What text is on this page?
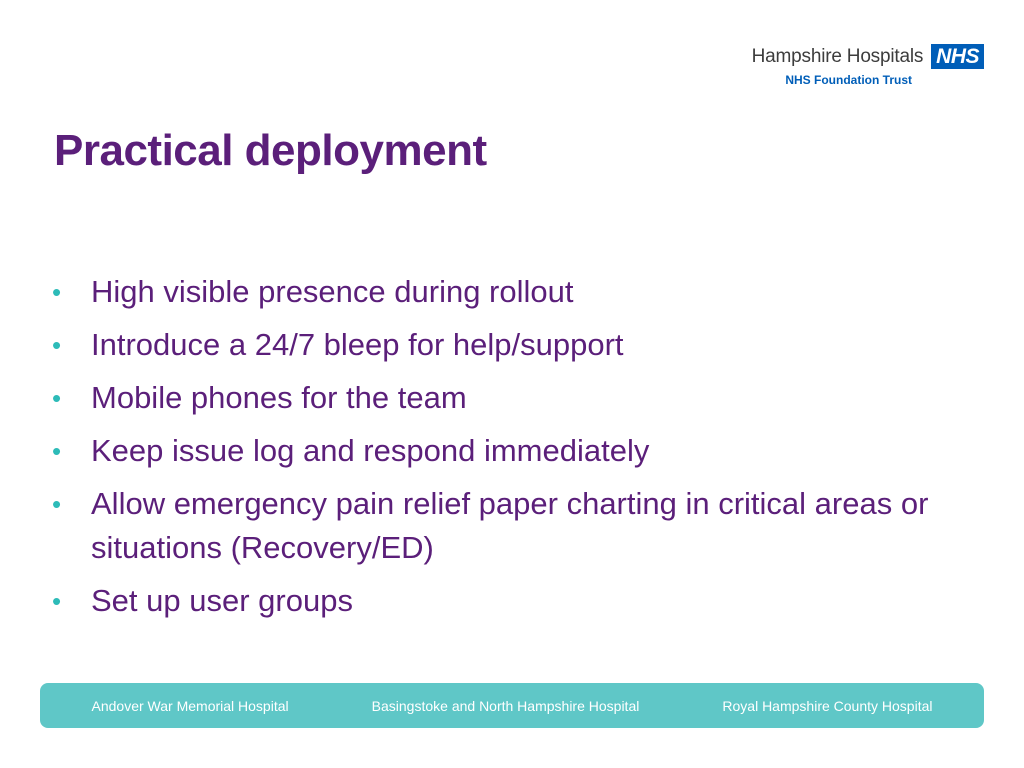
Hampshire Hospitals NHS
NHS Foundation Trust
Practical deployment
• High visible presence during rollout
• Introduce a 24/7 bleep for help/support
• Mobile phones for the team
• Keep issue log and respond immediately
• Allow emergency pain relief paper charting in critical areas or situations (Recovery/ED)
• Set up user groups
Andover War Memorial Hospital	Basingstoke and North Hampshire Hospital	Royal Hampshire County Hospital
